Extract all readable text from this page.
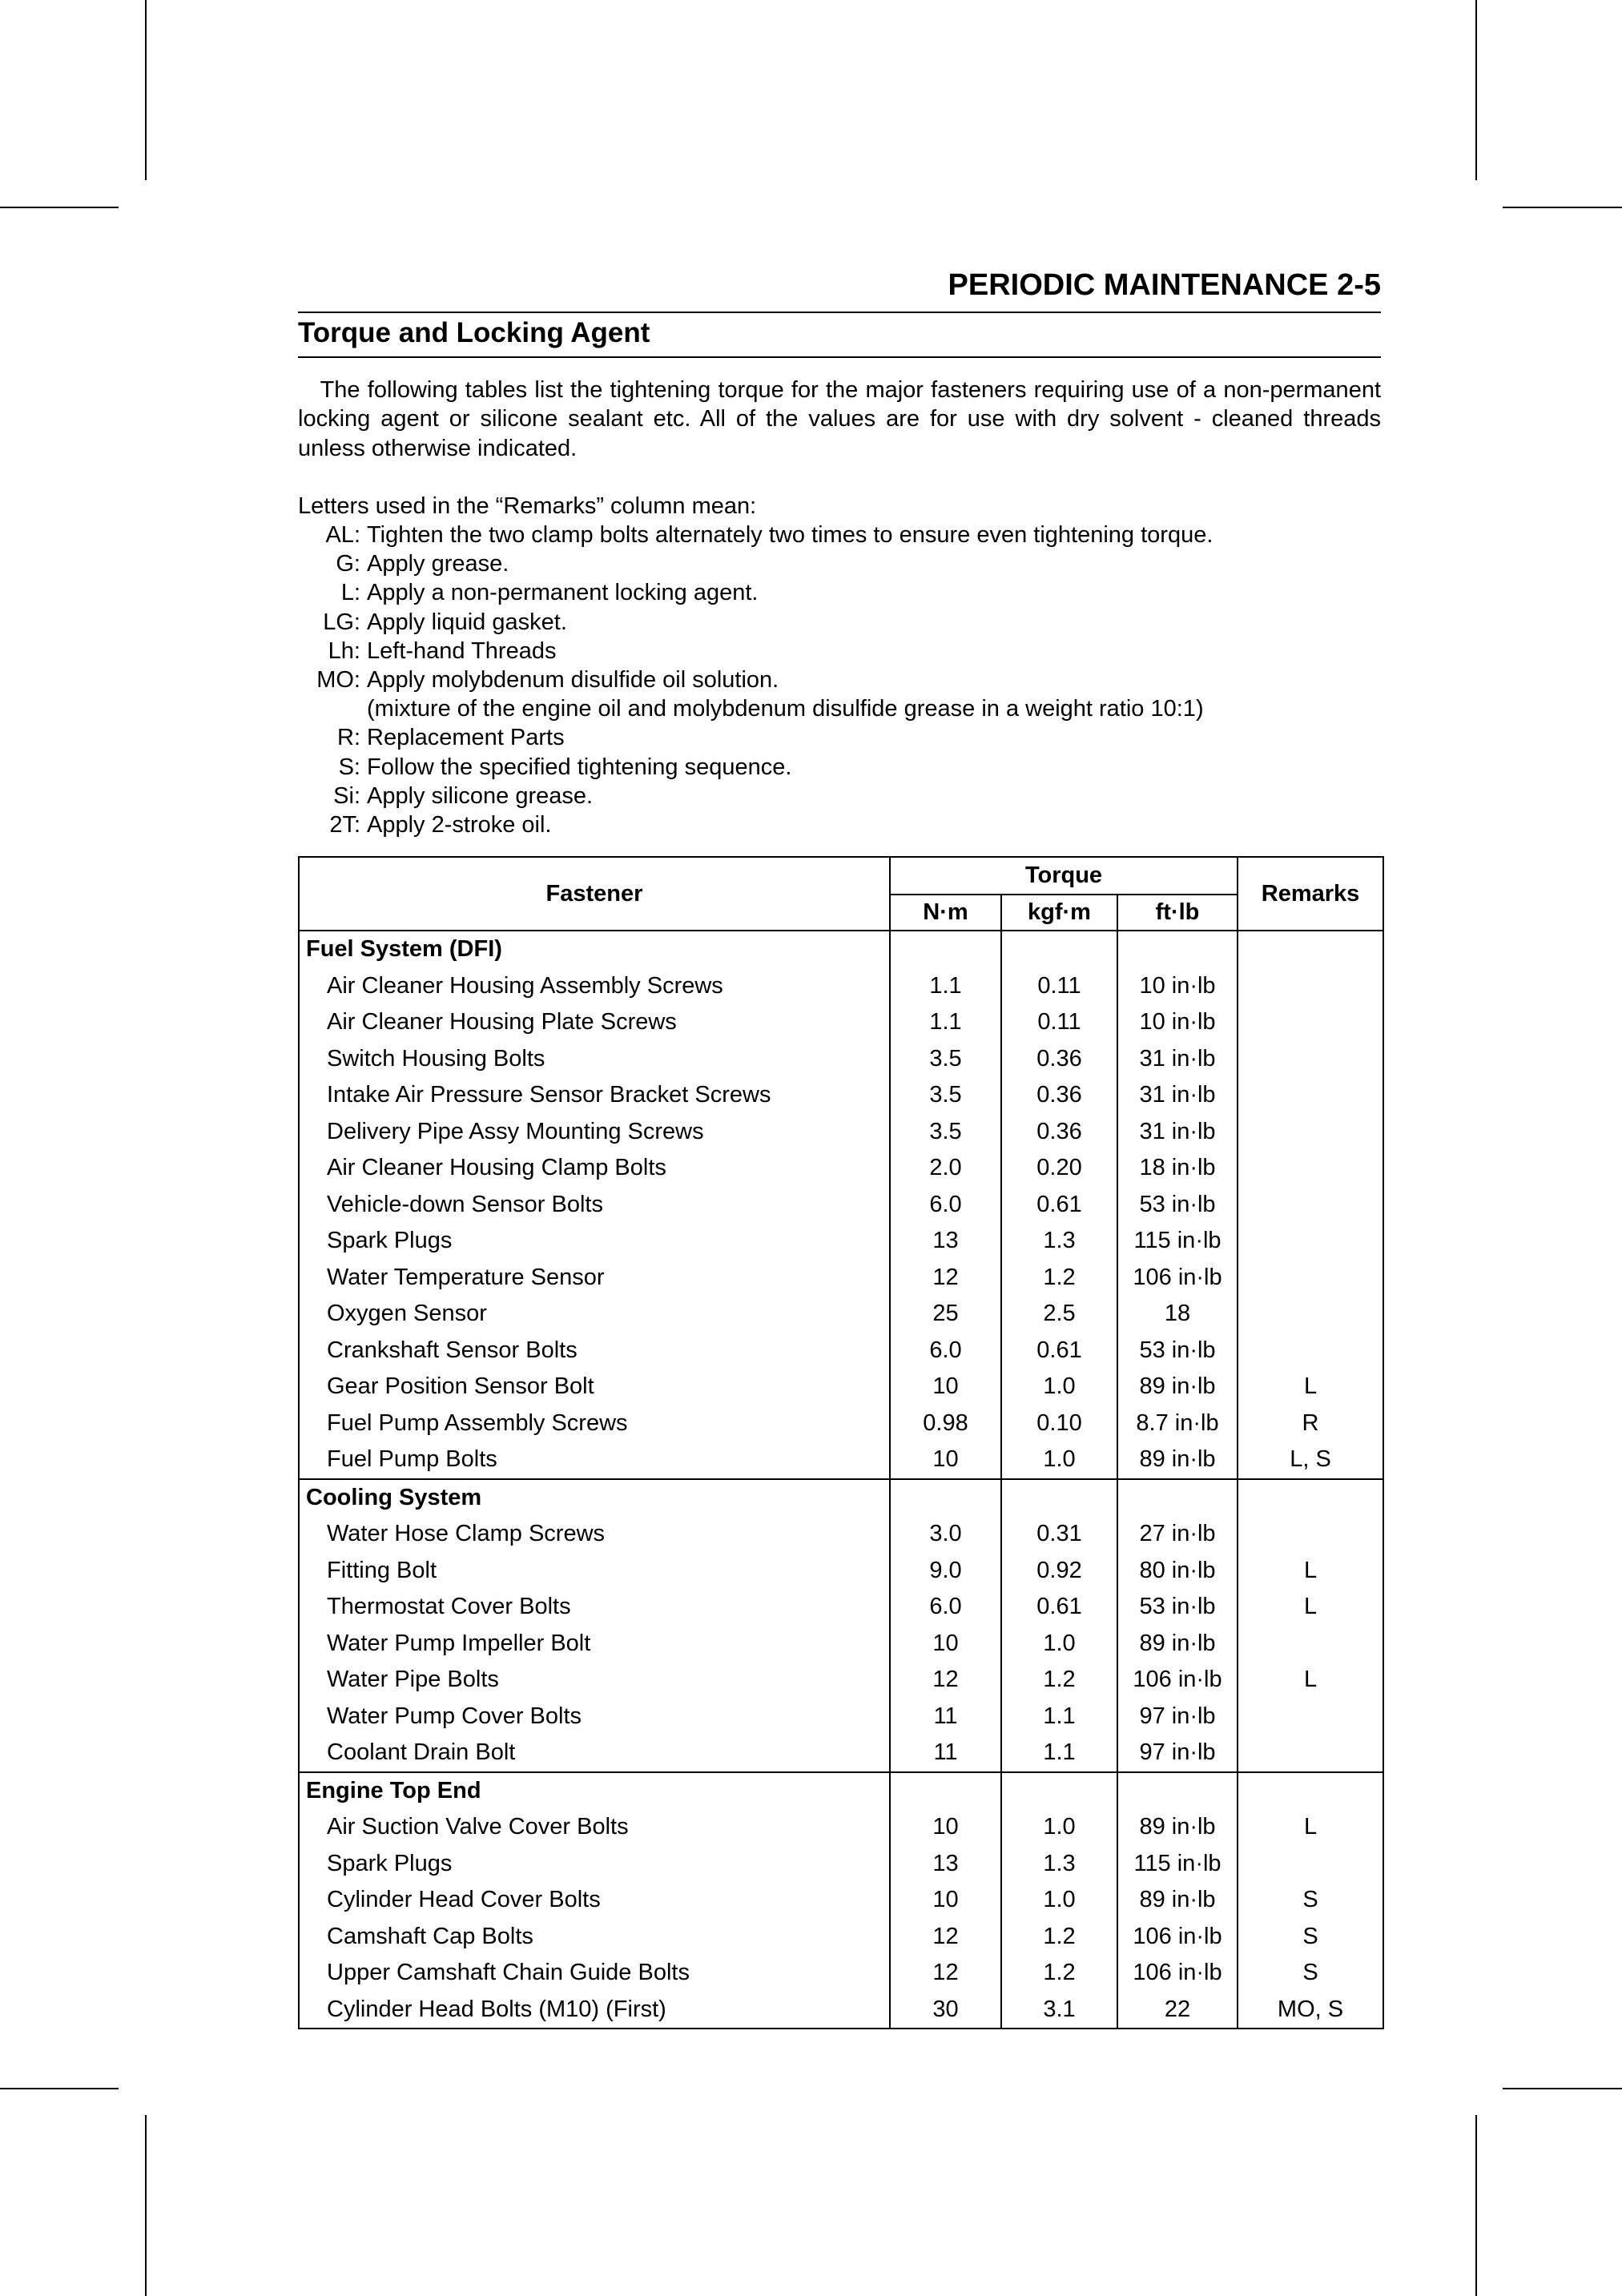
PERIODIC MAINTENANCE 2-5
Torque and Locking Agent
The following tables list the tightening torque for the major fasteners requiring use of a non-permanent locking agent or silicone sealant etc. All of the values are for use with dry solvent - cleaned threads unless otherwise indicated.
Letters used in the “Remarks” column mean:
AL: Tighten the two clamp bolts alternately two times to ensure even tightening torque.
G: Apply grease.
L: Apply a non-permanent locking agent.
LG: Apply liquid gasket.
Lh: Left-hand Threads
MO: Apply molybdenum disulfide oil solution.
(mixture of the engine oil and molybdenum disulfide grease in a weight ratio 10:1)
R: Replacement Parts
S: Follow the specified tightening sequence.
Si: Apply silicone grease.
2T: Apply 2-stroke oil.
Fastener	Torque			Remarks
	N·m	kgf·m	ft·lb	
Fuel System (DFI)				
Air Cleaner Housing Assembly Screws	1.1	0.11	10 in·lb	
Air Cleaner Housing Plate Screws	1.1	0.11	10 in·lb	
Switch Housing Bolts	3.5	0.36	31 in·lb	
Intake Air Pressure Sensor Bracket Screws	3.5	0.36	31 in·lb	
Delivery Pipe Assy Mounting Screws	3.5	0.36	31 in·lb	
Air Cleaner Housing Clamp Bolts	2.0	0.20	18 in·lb	
Vehicle-down Sensor Bolts	6.0	0.61	53 in·lb	
Spark Plugs	13	1.3	115 in·lb	
Water Temperature Sensor	12	1.2	106 in·lb	
Oxygen Sensor	25	2.5	18	
Crankshaft Sensor Bolts	6.0	0.61	53 in·lb	
Gear Position Sensor Bolt	10	1.0	89 in·lb	L
Fuel Pump Assembly Screws	0.98	0.10	8.7 in·lb	R
Fuel Pump Bolts	10	1.0	89 in·lb	L, S
Cooling System				
Water Hose Clamp Screws	3.0	0.31	27 in·lb	
Fitting Bolt	9.0	0.92	80 in·lb	L
Thermostat Cover Bolts	6.0	0.61	53 in·lb	L
Water Pump Impeller Bolt	10	1.0	89 in·lb	
Water Pipe Bolts	12	1.2	106 in·lb	L
Water Pump Cover Bolts	11	1.1	97 in·lb	
Coolant Drain Bolt	11	1.1	97 in·lb	
Engine Top End				
Air Suction Valve Cover Bolts	10	1.0	89 in·lb	L
Spark Plugs	13	1.3	115 in·lb	
Cylinder Head Cover Bolts	10	1.0	89 in·lb	S
Camshaft Cap Bolts	12	1.2	106 in·lb	S
Upper Camshaft Chain Guide Bolts	12	1.2	106 in·lb	S
Cylinder Head Bolts (M10) (First)	30	3.1	22	MO, S
